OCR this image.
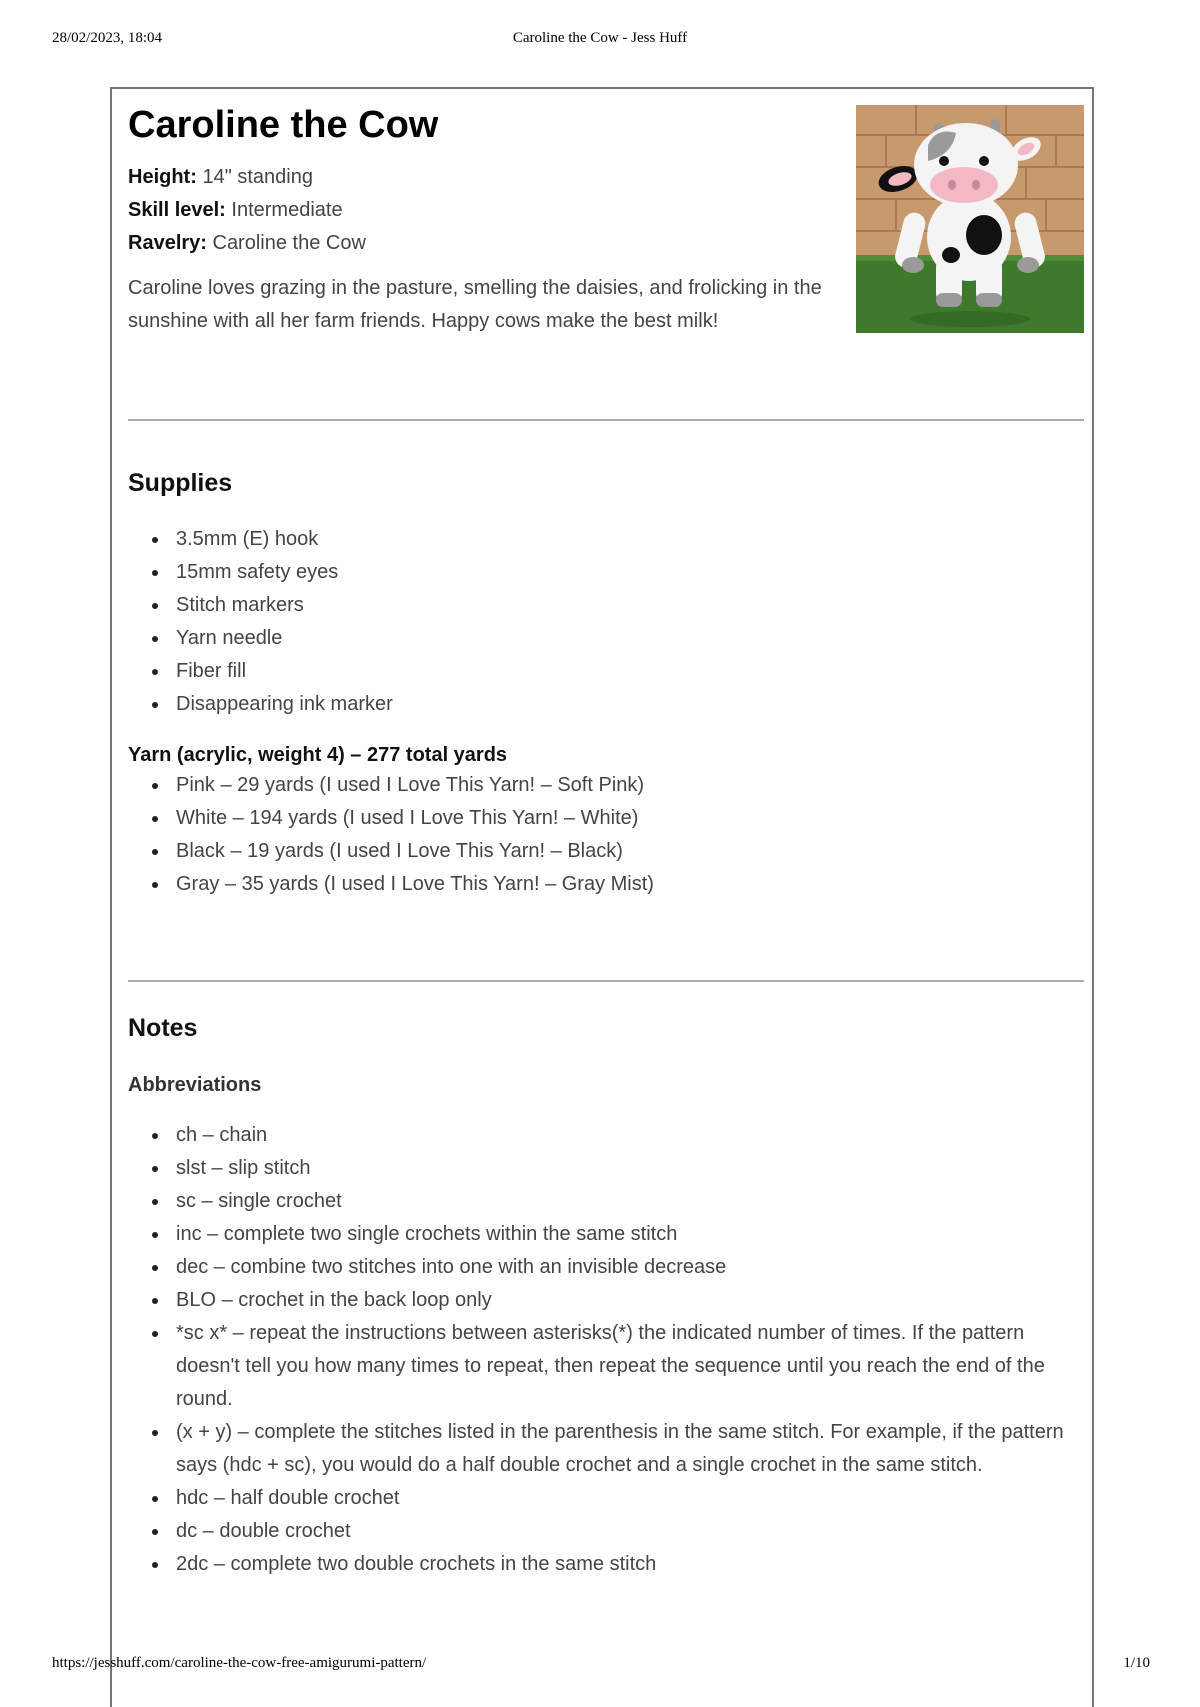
28/02/2023, 18:04	Caroline the Cow - Jess Huff
Caroline the Cow
Height: 14" standing
Skill level: Intermediate
Ravelry: Caroline the Cow
Caroline loves grazing in the pasture, smelling the daisies, and frolicking in the sunshine with all her farm friends. Happy cows make the best milk!
Supplies
3.5mm (E) hook
15mm safety eyes
Stitch markers
Yarn needle
Fiber fill
Disappearing ink marker
Yarn (acrylic, weight 4) – 277 total yards
Pink – 29 yards (I used I Love This Yarn! – Soft Pink)
White – 194 yards (I used I Love This Yarn! – White)
Black – 19 yards (I used I Love This Yarn! – Black)
Gray – 35 yards (I used I Love This Yarn! – Gray Mist)
Notes
Abbreviations
ch – chain
slst – slip stitch
sc – single crochet
inc – complete two single crochets within the same stitch
dec – combine two stitches into one with an invisible decrease
BLO – crochet in the back loop only
*sc x* – repeat the instructions between asterisks(*) the indicated number of times. If the pattern doesn't tell you how many times to repeat, then repeat the sequence until you reach the end of the round.
(x + y) – complete the stitches listed in the parenthesis in the same stitch. For example, if the pattern says (hdc + sc), you would do a half double crochet and a single crochet in the same stitch.
hdc – half double crochet
dc – double crochet
2dc – complete two double crochets in the same stitch
https://jesshuff.com/caroline-the-cow-free-amigurumi-pattern/	1/10
